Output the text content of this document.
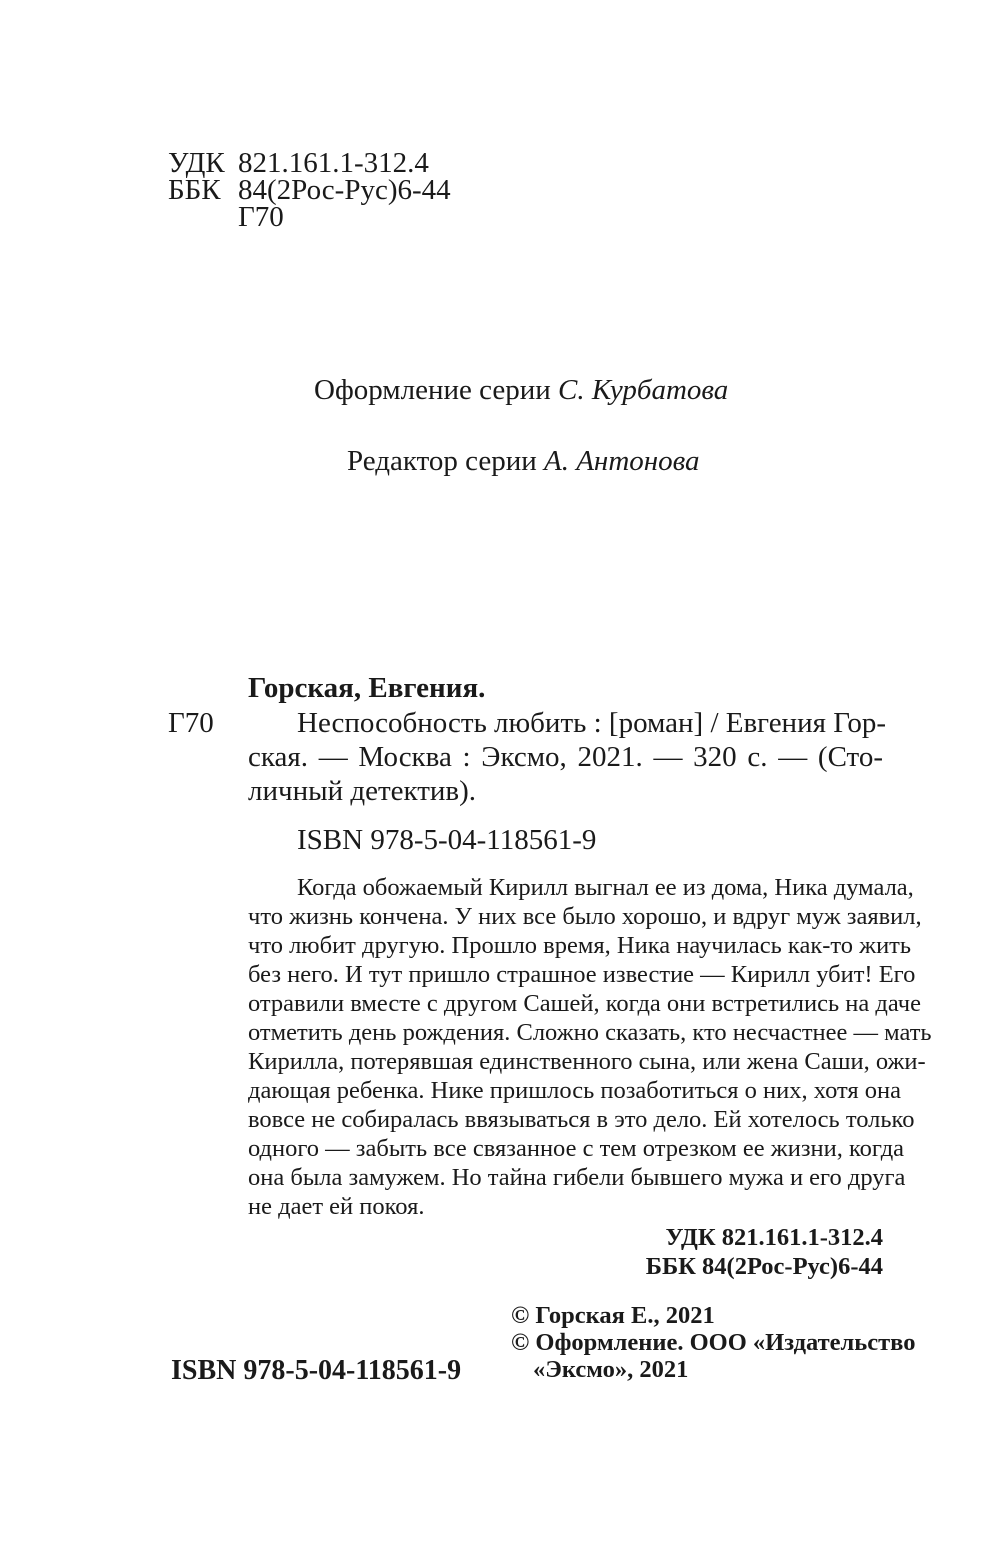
УДК 821.161.1-312.4
ББК 84(2Рос-Рус)6-44
Г70
Оформление серии С. Курбатова
Редактор серии А. Антонова
Горская, Евгения.
Г70	Неспособность любить : [роман] / Евгения Гор-
ская. — Москва : Эксмо, 2021. — 320 с. — (Сто-
личный детектив).
ISBN 978-5-04-118561-9
Когда обожаемый Кирилл выгнал ее из дома, Ника думала,
что жизнь кончена. У них все было хорошо, и вдруг муж заявил,
что любит другую. Прошло время, Ника научилась как-то жить
без него. И тут пришло страшное известие — Кирилл убит! Его
отравили вместе с другом Сашей, когда они встретились на даче
отметить день рождения. Сложно сказать, кто несчастнее — мать
Кирилла, потерявшая единственного сына, или жена Саши, ожи-
дающая ребенка. Нике пришлось позаботиться о них, хотя она
вовсе не собиралась ввязываться в это дело. Ей хотелось только
одного — забыть все связанное с тем отрезком ее жизни, когда
она была замужем. Но тайна гибели бывшего мужа и его друга
не дает ей покоя.
УДК 821.161.1-312.4
ББК 84(2Рос-Рус)6-44
© Горская Е., 2021
© Оформление. ООО «Издательство
«Эксмо», 2021
ISBN 978-5-04-118561-9
